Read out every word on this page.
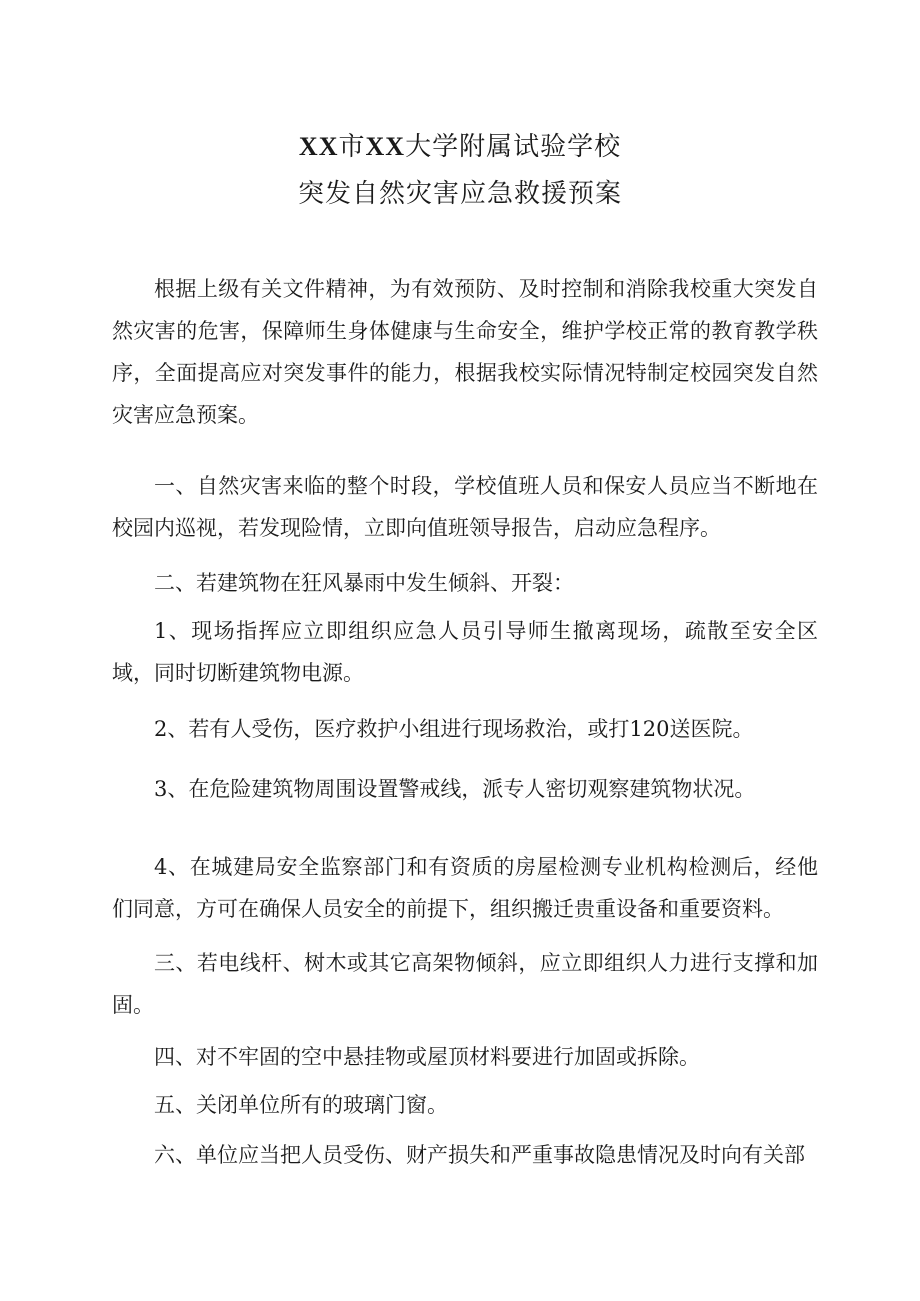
XX市XX大学附属试验学校
突发自然灾害应急救援预案

根据上级有关文件精神，为有效预防、及时控制和消除我校重大突发自然灾害的危害，保障师生身体健康与生命安全，维护学校正常的教育教学秩序，全面提高应对突发事件的能力，根据我校实际情况特制定校园突发自然灾害应急预案。

一、自然灾害来临的整个时段，学校值班人员和保安人员应当不断地在校园内巡视，若发现险情，立即向值班领导报告，启动应急程序。

二、若建筑物在狂风暴雨中发生倾斜、开裂：

1、现场指挥应立即组织应急人员引导师生撤离现场，疏散至安全区域，同时切断建筑物电源。

2、若有人受伤，医疗救护小组进行现场救治，或打120送医院。

3、在危险建筑物周围设置警戒线，派专人密切观察建筑物状况。

4、在城建局安全监察部门和有资质的房屋检测专业机构检测后，经他们同意，方可在确保人员安全的前提下，组织搬迁贵重设备和重要资料。

三、若电线杆、树木或其它高架物倾斜，应立即组织人力进行支撑和加固。

四、对不牢固的空中悬挂物或屋顶材料要进行加固或拆除。

五、关闭单位所有的玻璃门窗。

六、单位应当把人员受伤、财产损失和严重事故隐患情况及时向有关部
